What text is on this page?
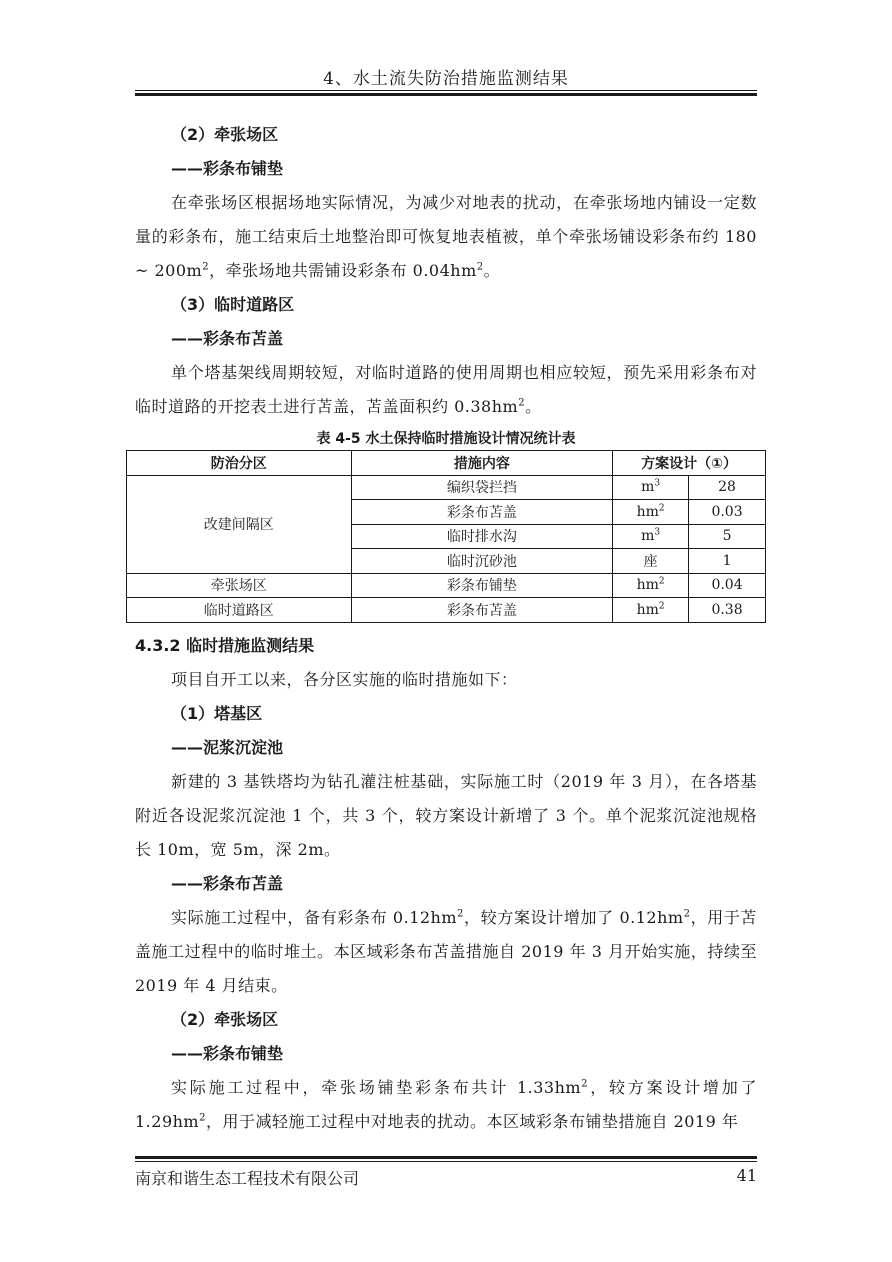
4、水土流失防治措施监测结果
（2）牵张场区
——彩条布铺垫
在牵张场区根据场地实际情况，为减少对地表的扰动，在牵张场地内铺设一定数量的彩条布，施工结束后土地整治即可恢复地表植被，单个牵张场铺设彩条布约 180 ~ $200m^2$，牵张场地共需铺设彩条布 $0.04hm^2$。
（3）临时道路区
——彩条布苫盖
单个塔基架线周期较短，对临时道路的使用周期也相应较短，预先采用彩条布对临时道路的开挖表土进行苫盖，苫盖面积约 $0.38hm^2$。
表 4-5 水土保持临时措施设计情况统计表
防治分区	措施内容	方案设计（①）	
改建间隔区	编织袋拦挡	$m^3$	28
	彩条布苫盖	$hm^2$	0.03
	临时排水沟	$m^3$	5
	临时沉砂池	座	1
牵张场区	彩条布铺垫	$hm^2$	0.04
临时道路区	彩条布苫盖	$hm^2$	0.38
4.3.2 临时措施监测结果
项目自开工以来，各分区实施的临时措施如下：
（1）塔基区
——泥浆沉淀池
新建的 3 基铁塔均为钻孔灌注桩基础，实际施工时（2019 年 3 月），在各塔基附近各设泥浆沉淀池 1 个，共 3 个，较方案设计新增了 3 个。单个泥浆沉淀池规格长 10m，宽 5m，深 2m。
——彩条布苫盖
实际施工过程中，备有彩条布 $0.12hm^2$，较方案设计增加了 $0.12hm^2$，用于苫盖施工过程中的临时堆土。本区域彩条布苫盖措施自 2019 年 3 月开始实施，持续至 2019 年 4 月结束。
（2）牵张场区
——彩条布铺垫
实际施工过程中，牵张场铺垫彩条布共计 $1.33hm^2$，较方案设计增加了 $1.29hm^2$，用于减轻施工过程中对地表的扰动。本区域彩条布铺垫措施自 2019 年
南京和谐生态工程技术有限公司	41
